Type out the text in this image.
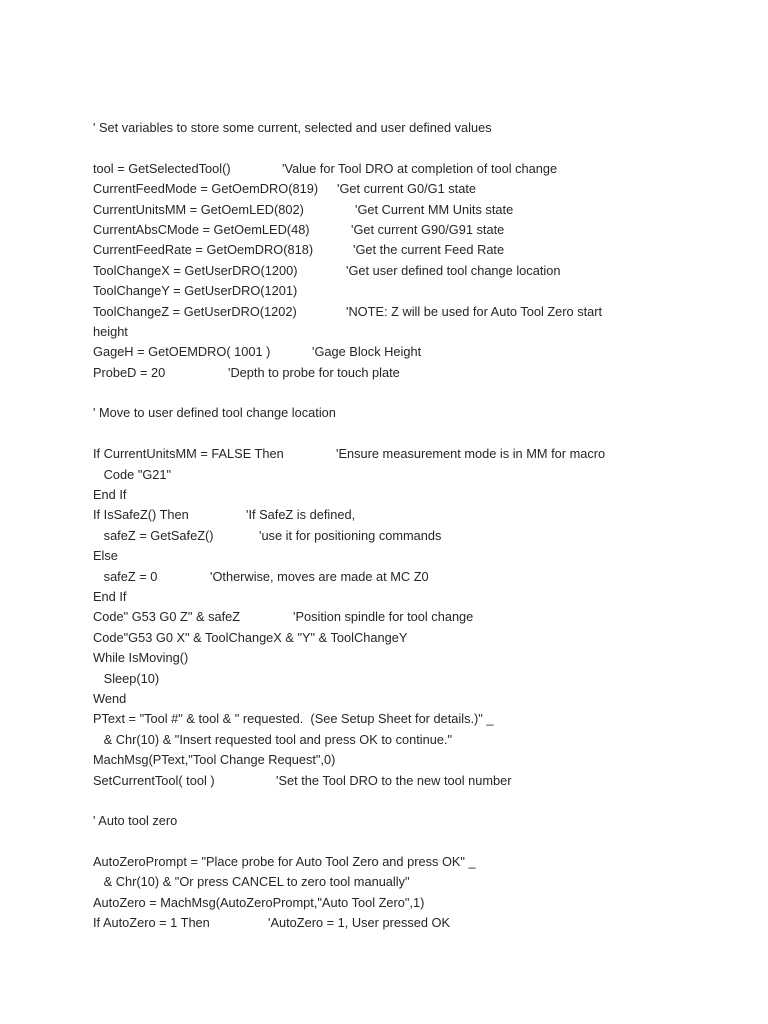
' Set variables to store some current, selected and user defined values
tool = GetSelectedTool()	'Value for Tool DRO at completion of tool change
CurrentFeedMode = GetOemDRO(819) 'Get current G0/G1 state
CurrentUnitsMM = GetOemLED(802)	'Get Current MM Units state
CurrentAbsCMode = GetOemLED(48)	'Get current G90/G91 state
CurrentFeedRate = GetOemDRO(818)	'Get the current Feed Rate
ToolChangeX = GetUserDRO(1200)	'Get user defined tool change location
ToolChangeY = GetUserDRO(1201)
ToolChangeZ = GetUserDRO(1202)	'NOTE: Z will be used for Auto Tool Zero start
height
GageH = GetOEMDRO( 1001 )	'Gage Block Height
ProbeD = 20	'Depth to probe for touch plate
' Move to user defined tool change location
If CurrentUnitsMM = FALSE Then	'Ensure measurement mode is in MM for macro
Code "G21"
End If
If IsSafeZ() Then	'If SafeZ is defined,
safeZ = GetSafeZ()	'use it for positioning commands
Else
safeZ = 0	'Otherwise, moves are made at MC Z0
End If
Code" G53 G0 Z" & safeZ	'Position spindle for tool change
Code"G53 G0 X" & ToolChangeX & "Y" & ToolChangeY
While IsMoving()
Sleep(10)
Wend
PText = "Tool #" & tool & " requested.  (See Setup Sheet for details.)" _
& Chr(10) & "Insert requested tool and press OK to continue."
MachMsg(PText,"Tool Change Request",0)
SetCurrentTool( tool )	'Set the Tool DRO to the new tool number
' Auto tool zero
AutoZeroPrompt = "Place probe for Auto Tool Zero and press OK" _
& Chr(10) & "Or press CANCEL to zero tool manually"
AutoZero = MachMsg(AutoZeroPrompt,"Auto Tool Zero",1)
If AutoZero = 1 Then	'AutoZero = 1, User pressed OK
